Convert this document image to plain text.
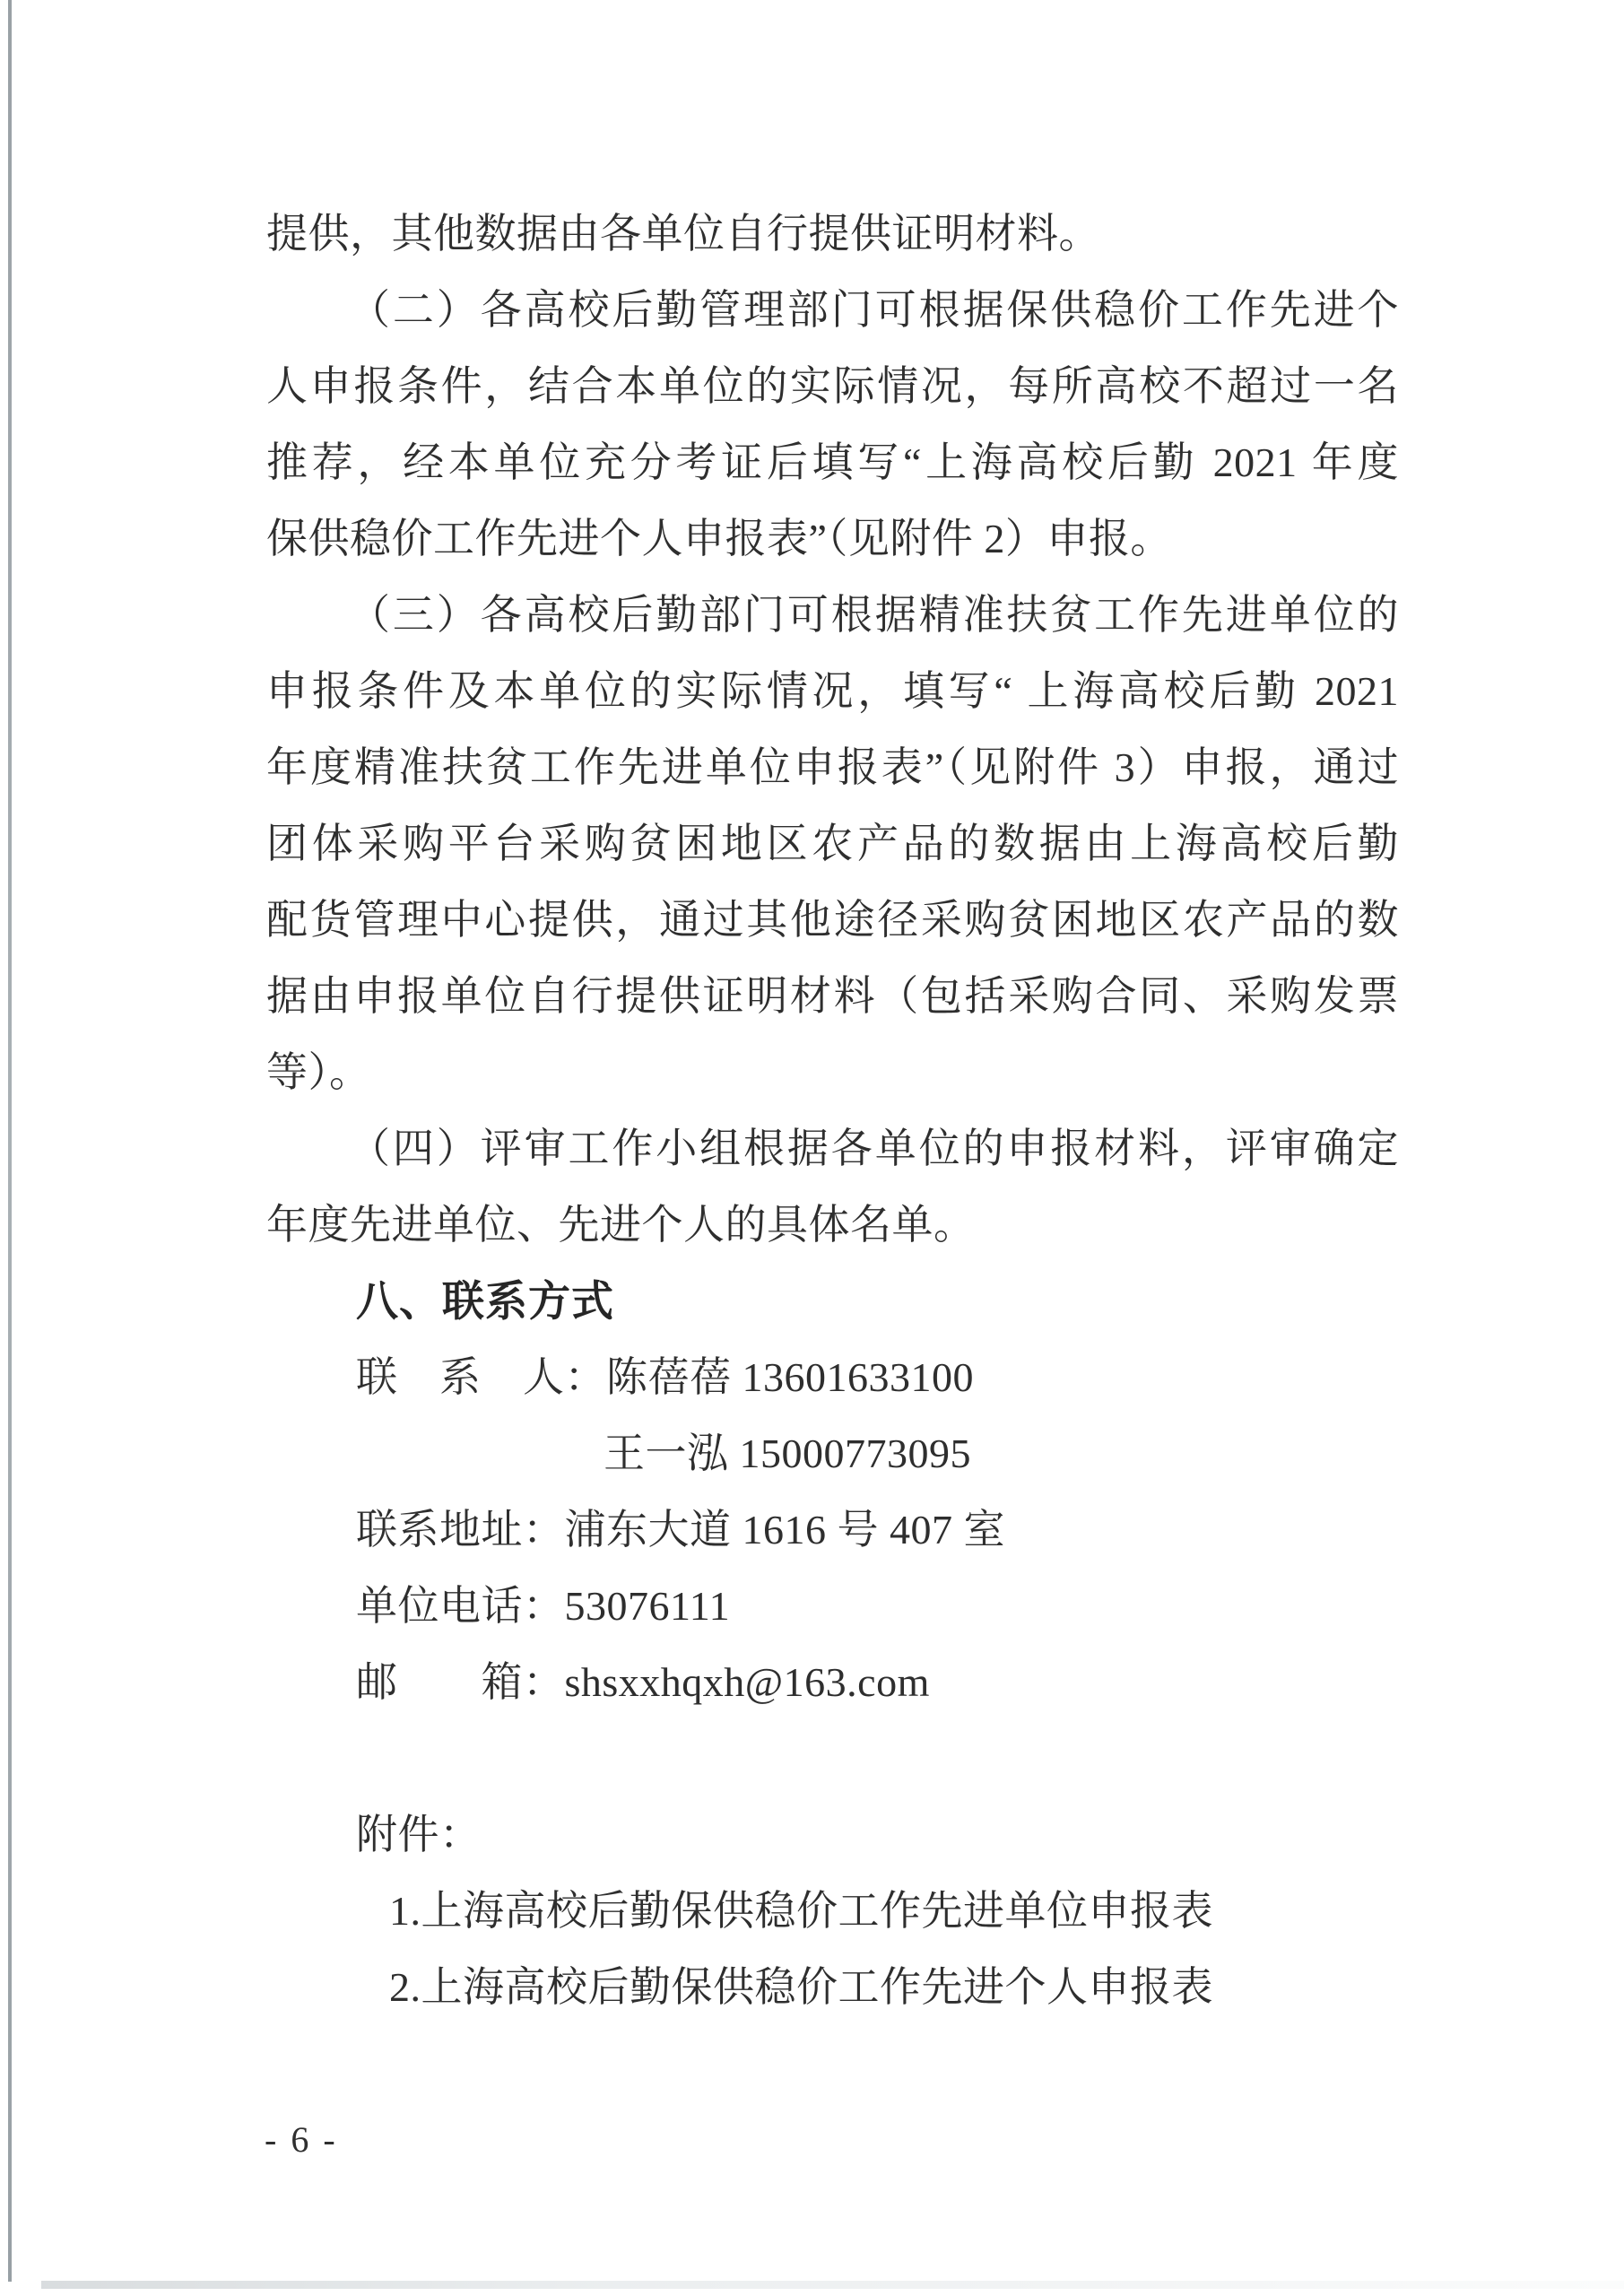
提供，其他数据由各单位自行提供证明材料。
（二）各高校后勤管理部门可根据保供稳价工作先进个
人申报条件，结合本单位的实际情况，每所高校不超过一名
推荐，经本单位充分考证后填写“上海高校后勤 2021 年度
保供稳价工作先进个人申报表”（见附件 2）申报。
（三）各高校后勤部门可根据精准扶贫工作先进单位的
申报条件及本单位的实际情况，填写“ 上海高校后勤 2021
年度精准扶贫工作先进单位申报表”（见附件 3）申报，通过
团体采购平台采购贫困地区农产品的数据由上海高校后勤
配货管理中心提供，通过其他途径采购贫困地区农产品的数
据由申报单位自行提供证明材料（包括采购合同、采购发票
等）。
（四）评审工作小组根据各单位的申报材料，评审确定
年度先进单位、先进个人的具体名单。
八、联系方式
联　系　人：陈蓓蓓 13601633100
王一泓 15000773095
联系地址：浦东大道 1616 号 407 室
单位电话：53076111
邮　　箱：shsxxhqxh@163.com
附件：
1.上海高校后勤保供稳价工作先进单位申报表
2.上海高校后勤保供稳价工作先进个人申报表
- 6 -
